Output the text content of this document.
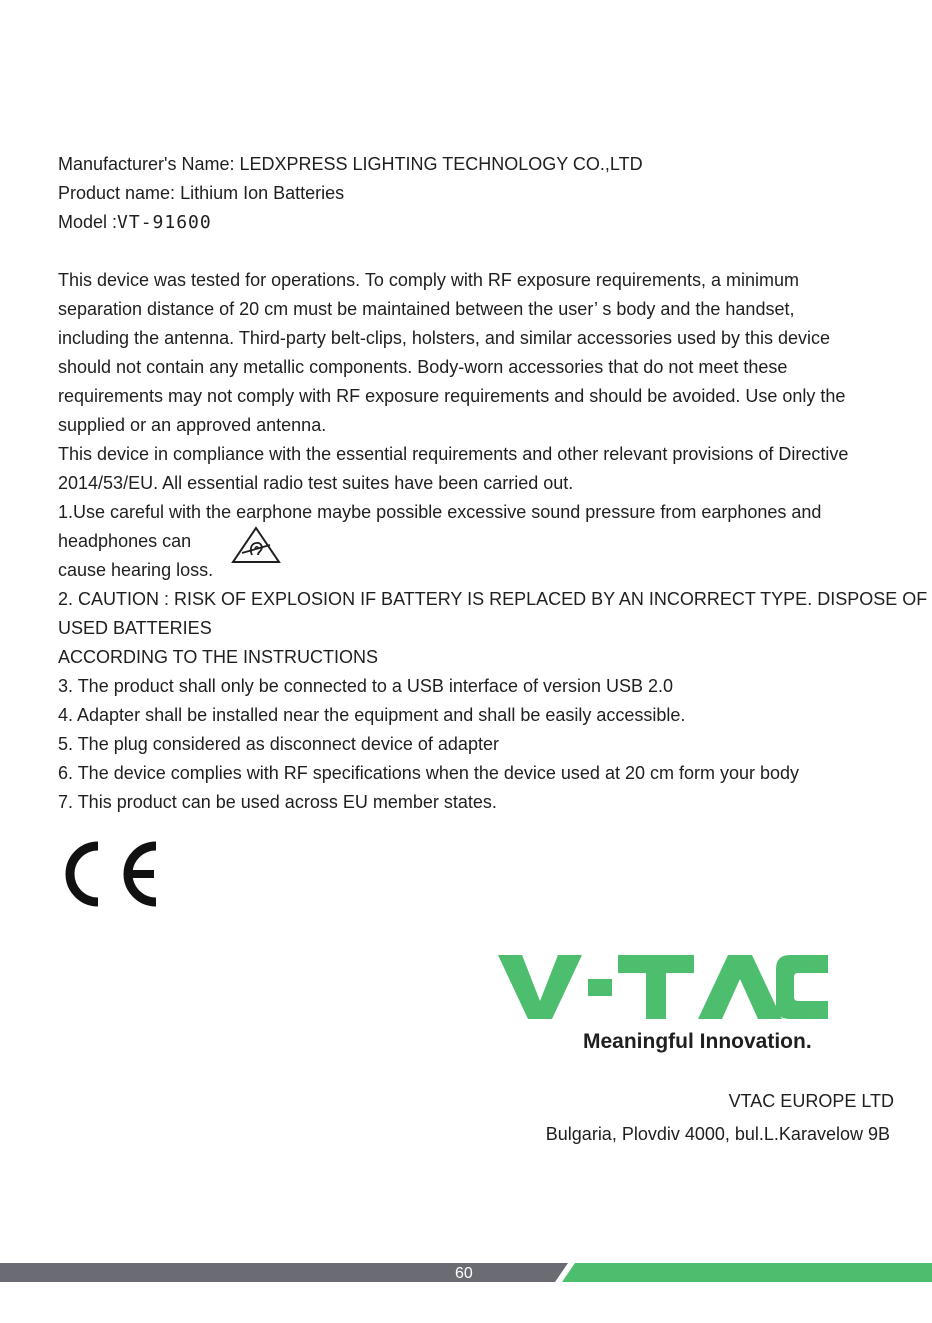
Manufacturer's Name: LEDXPRESS LIGHTING TECHNOLOGY CO.,LTD
Product name: Lithium Ion Batteries
Model :VT-91600
This device was tested for operations. To comply with RF exposure requirements, a minimum
separation distance of 20 cm must be maintained between the user’ s body and the handset,
including the antenna. Third-party belt-clips, holsters, and similar accessories used by this device
should not contain any metallic components. Body-worn accessories that do not meet these
requirements may not comply with RF exposure requirements and should be avoided. Use only the
supplied or an approved antenna.
This device in compliance with the essential requirements and other relevant provisions of Directive
2014/53/EU. All essential radio test suites have been carried out.
1.Use careful with the earphone maybe possible excessive sound pressure from earphones and
headphones can
cause hearing loss.
2. CAUTION : RISK OF EXPLOSION IF BATTERY IS REPLACED BY AN INCORRECT TYPE. DISPOSE OF
USED BATTERIES
ACCORDING TO THE INSTRUCTIONS
3. The product shall only be connected to a USB interface of version USB 2.0
4. Adapter shall be installed near the equipment and shall be easily accessible.
5. The plug considered as disconnect device of adapter
6. The device complies with RF specifications when the device used at 20 cm form your body
7. This product can be used across EU member states.
Meaningful Innovation.
VTAC EUROPE LTD
Bulgaria, Plovdiv 4000, bul.L.Karavelow 9B
60
